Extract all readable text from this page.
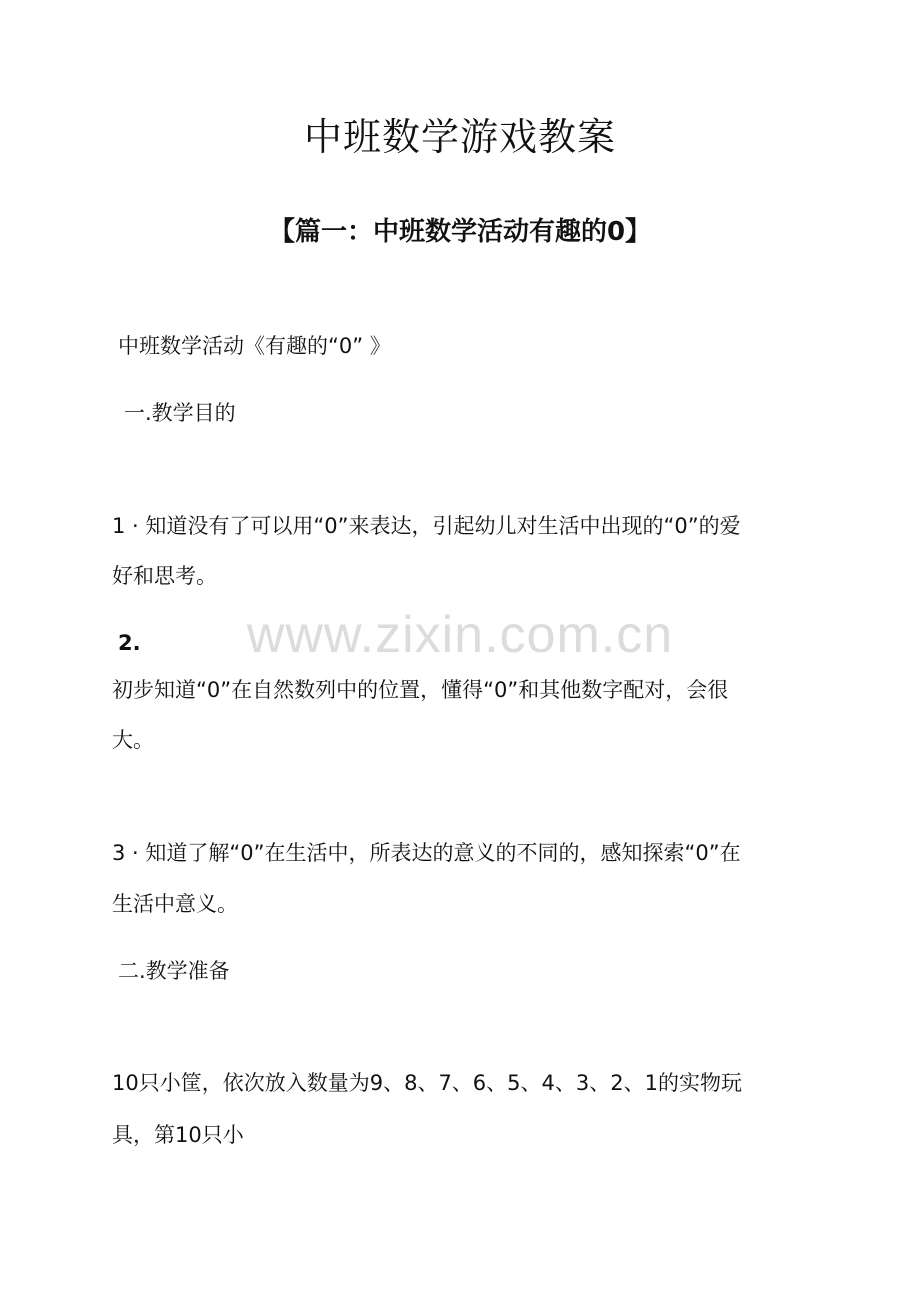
中班数学游戏教案
【篇一：中班数学活动有趣的0】

中班数学活动《有趣的“0” 》

一.教学目的

1 · 知道没有了可以用“0”来表达，引起幼儿对生活中出现的“0”的爱

好和思考。

2.

初步知道“0”在自然数列中的位置，懂得“0”和其他数字配对，会很

大。

3 · 知道了解“0”在生活中，所表达的意义的不同的，感知探索“0”在

生活中意义。

二.教学准备

10只小筐，依次放入数量为9、8、7、6、5、4、3、2、1的实物玩

具，第10只小

www.zixin.com.cn
